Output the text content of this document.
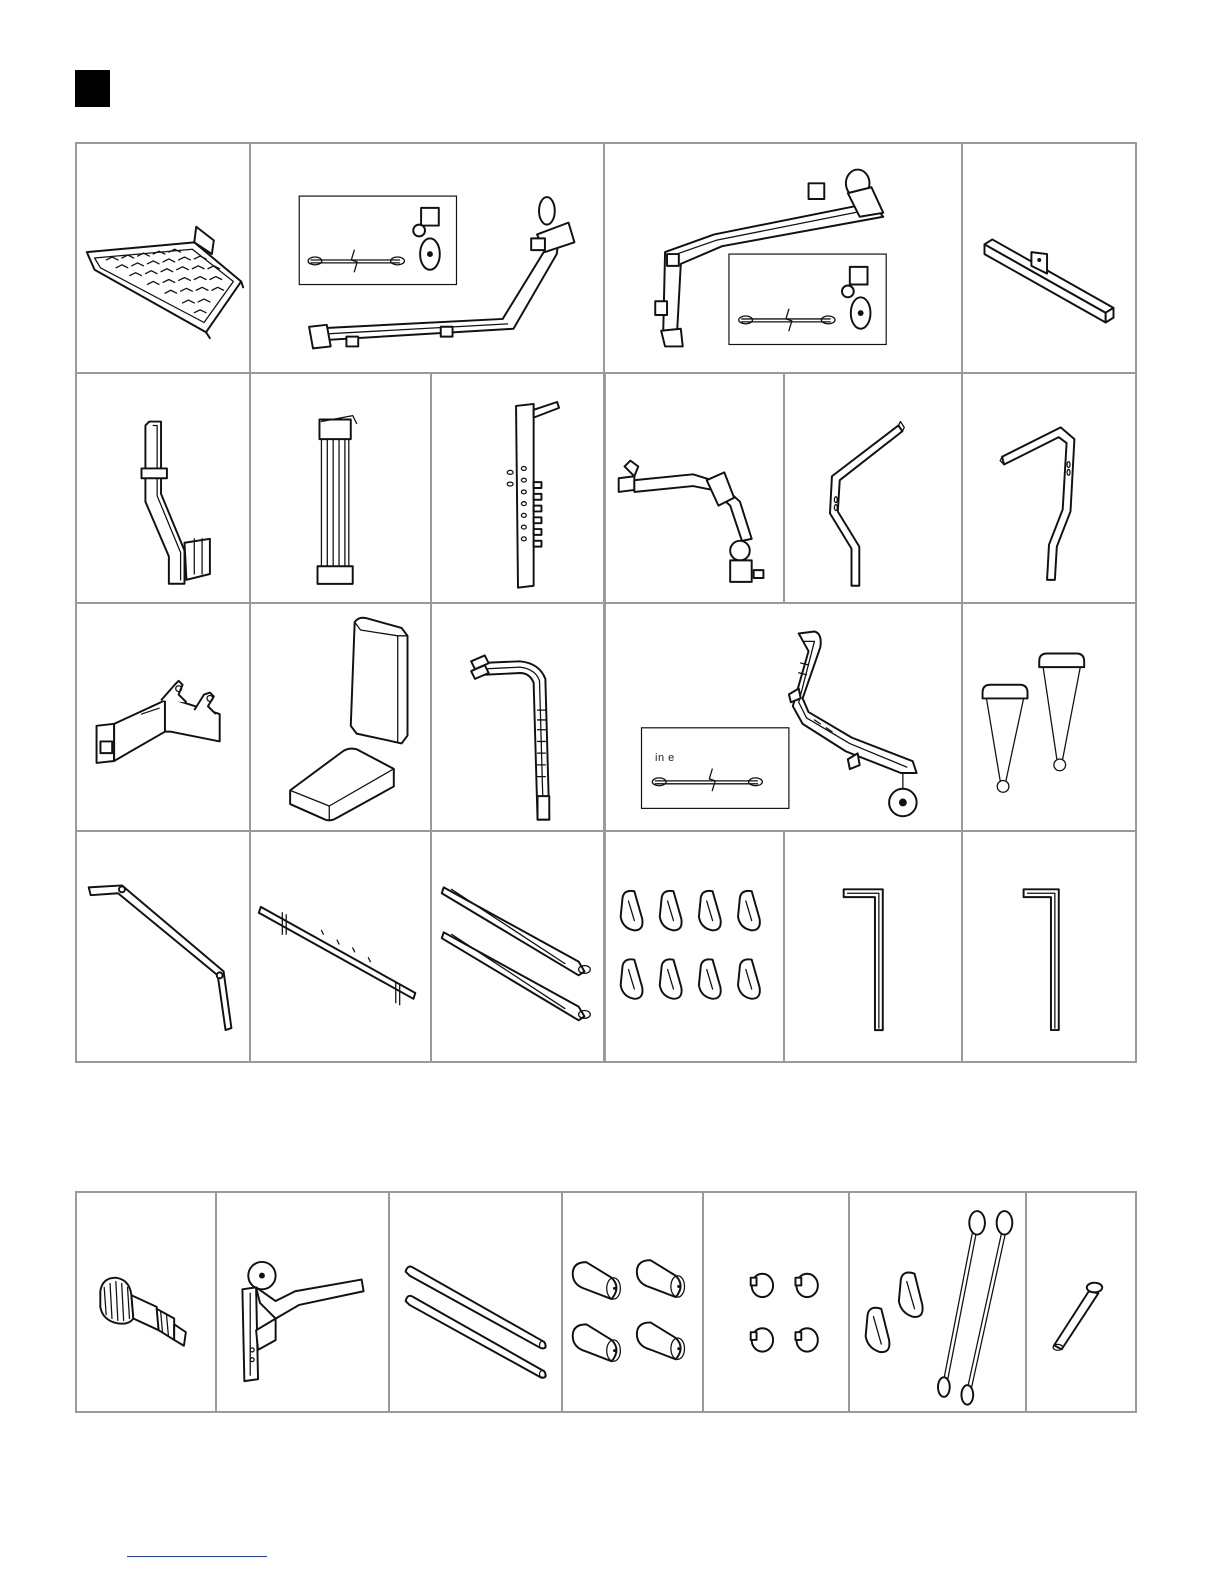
in e
